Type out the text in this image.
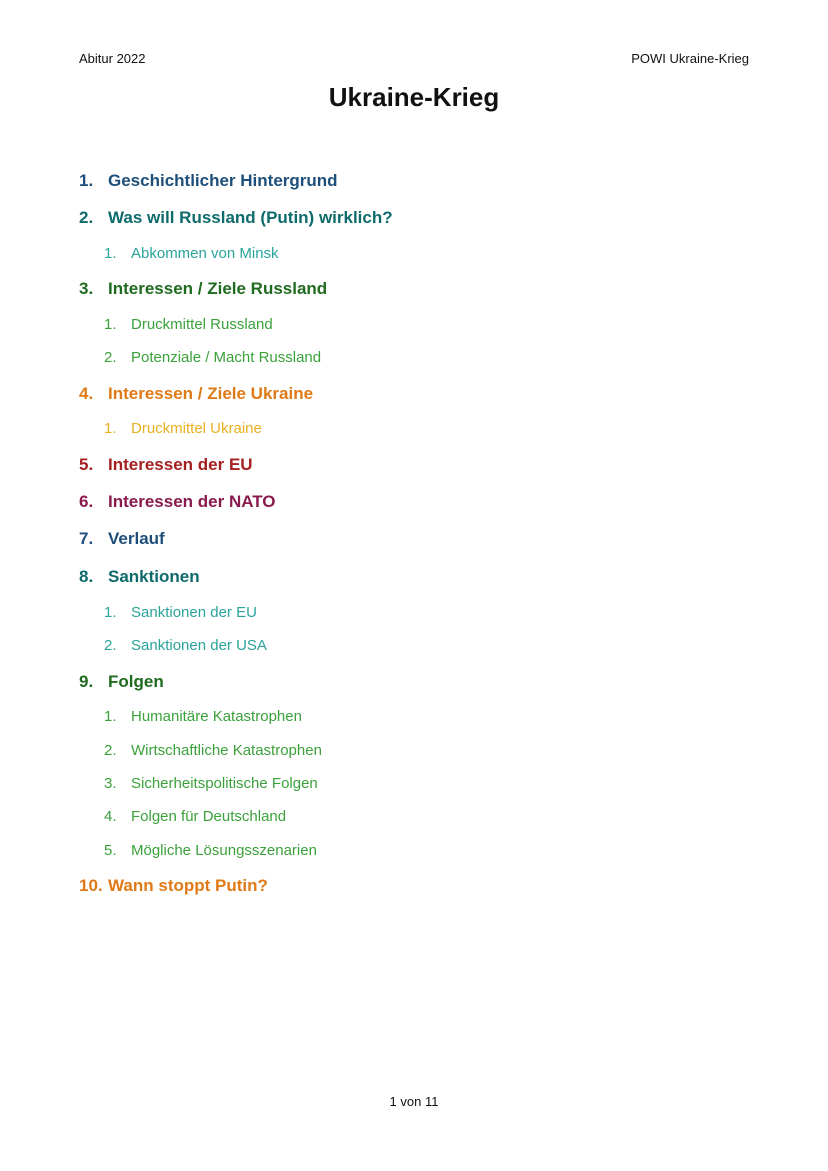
Abitur 2022	POWI Ukraine-Krieg
Ukraine-Krieg
1. Geschichtlicher Hintergrund
2. Was will Russland (Putin) wirklich?
1. Abkommen von Minsk
3. Interessen / Ziele Russland
1. Druckmittel Russland
2. Potenziale / Macht Russland
4. Interessen / Ziele Ukraine
1. Druckmittel Ukraine
5. Interessen der EU
6. Interessen der NATO
7. Verlauf
8. Sanktionen
1. Sanktionen der EU
2. Sanktionen der USA
9. Folgen
1. Humanitäre Katastrophen
2. Wirtschaftliche Katastrophen
3. Sicherheitspolitische Folgen
4. Folgen für Deutschland
5. Mögliche Lösungsszenarien
10. Wann stoppt Putin?
1 von 11
